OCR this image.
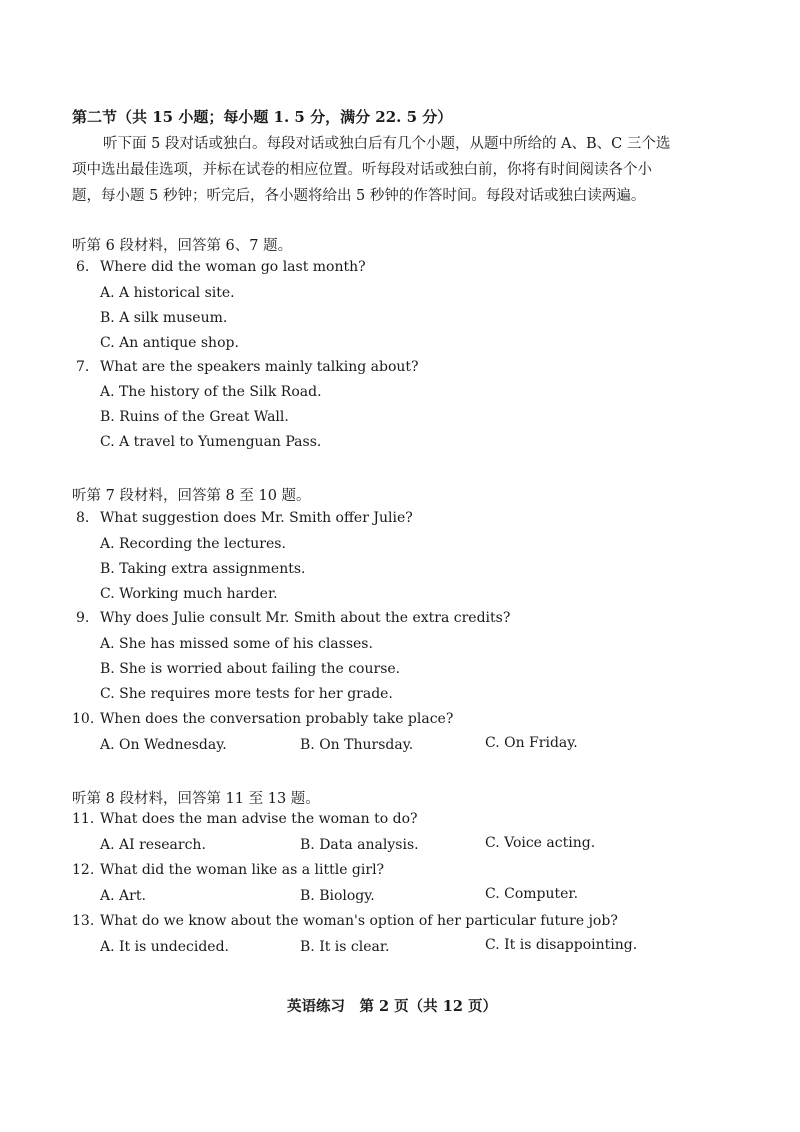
第二节（共 15 小题；每小题 1. 5 分，满分 22. 5 分）
听下面 5 段对话或独白。每段对话或独白后有几个小题，从题中所给的 A、B、C 三个选
项中选出最佳选项，并标在试卷的相应位置。听每段对话或独白前，你将有时间阅读各个小
题，每小题 5 秒钟；听完后，各小题将给出 5 秒钟的作答时间。每段对话或独白读两遍。
听第 6 段材料，回答第 6、7 题。
6. Where did the woman go last month?
A. A historical site.
B. A silk museum.
C. An antique shop.
7. What are the speakers mainly talking about?
A. The history of the Silk Road.
B. Ruins of the Great Wall.
C. A travel to Yumenguan Pass.
听第 7 段材料，回答第 8 至 10 题。
8. What suggestion does Mr. Smith offer Julie?
A. Recording the lectures.
B. Taking extra assignments.
C. Working much harder.
9. Why does Julie consult Mr. Smith about the extra credits?
A. She has missed some of his classes.
B. She is worried about failing the course.
C. She requires more tests for her grade.
10. When does the conversation probably take place?
A. On Wednesday.	B. On Thursday.	C. On Friday.
听第 8 段材料，回答第 11 至 13 题。
11. What does the man advise the woman to do?
A. AI research.	B. Data analysis.	C. Voice acting.
12. What did the woman like as a little girl?
A. Art.	B. Biology.	C. Computer.
13. What do we know about the woman's option of her particular future job?
A. It is undecided.	B. It is clear.	C. It is disappointing.
英语练习　第 2 页（共 12 页）
